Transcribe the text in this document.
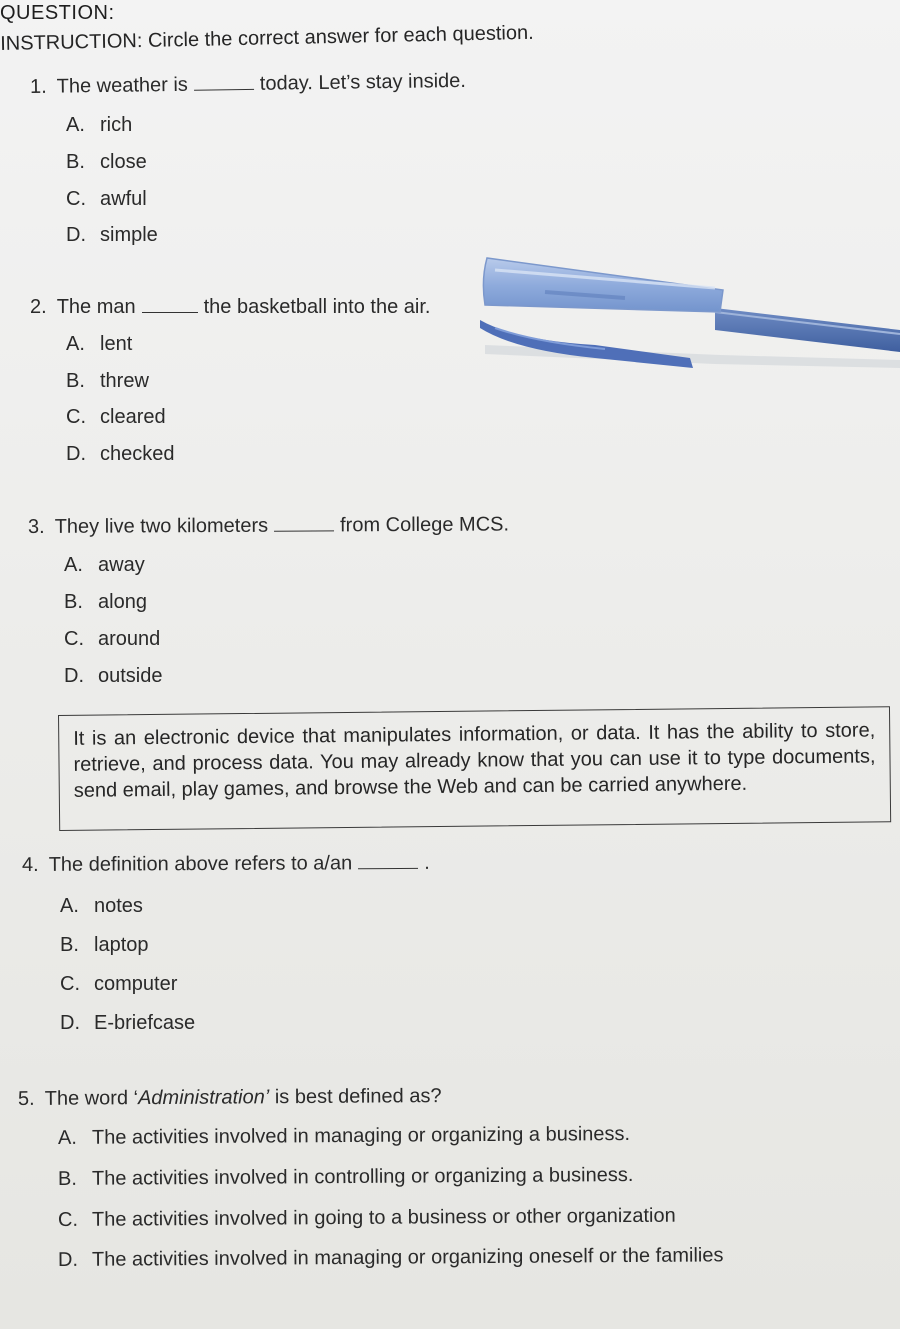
QUESTION:
INSTRUCTION: Circle the correct answer for each question.
1. The weather is	today. Let’s stay inside.
A. rich
B. close
C. awful
D. simple
2. The man	the basketball into the air.
A. lent
B. threw
C. cleared
D. checked
3. They live two kilometers	from College MCS.
A. away
B. along
C. around
D. outside

It is an electronic device that manipulates information, or data. It has the ability to store, retrieve, and process data. You may already know that you can use it to type documents, send email, play games, and browse the Web and can be carried anywhere.

4. The definition above refers to a/an	.
A. notes
B. laptop
C. computer
D. E-briefcase
5. The word ‘Administration’ is best defined as?
A. The activities involved in managing or organizing a business.
B. The activities involved in controlling or organizing a business.
C. The activities involved in going to a business or other organization
D. The activities involved in managing or organizing oneself or the families
